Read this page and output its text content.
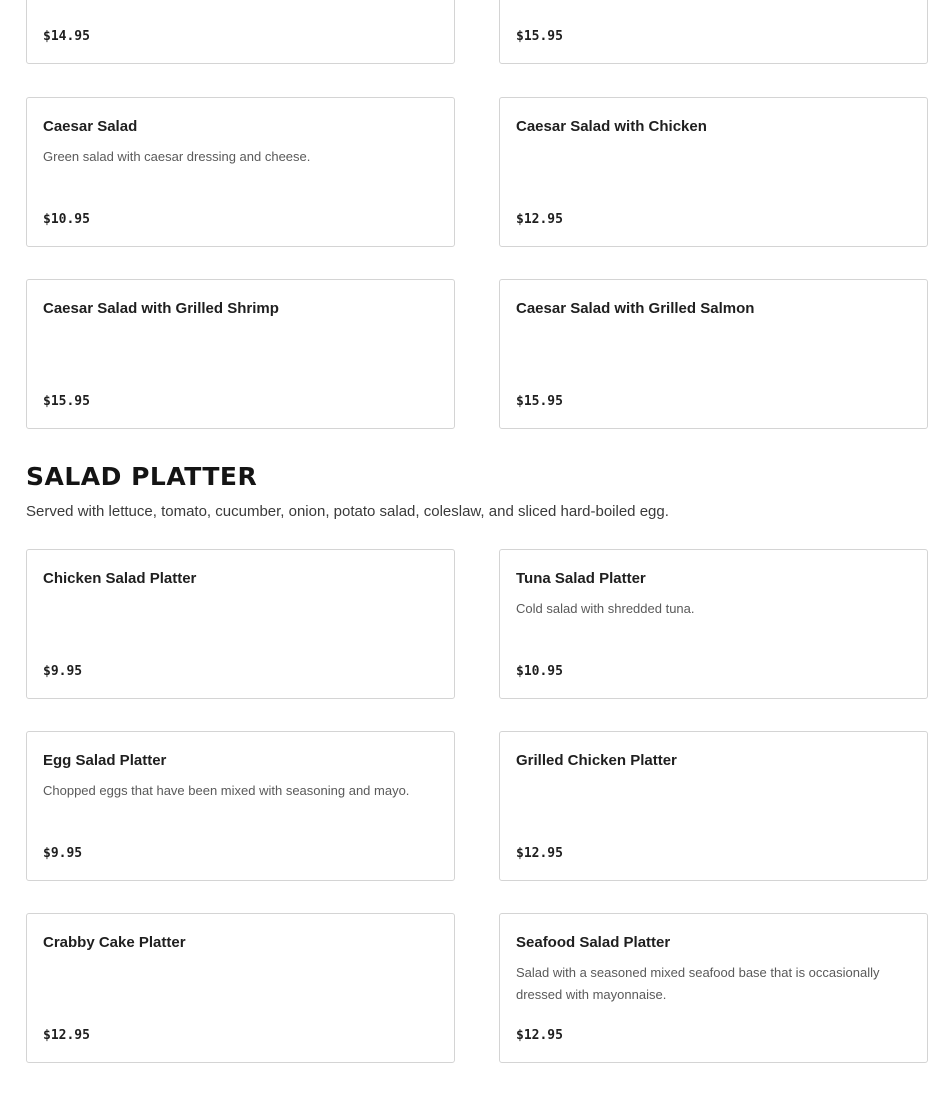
$14.95	$15.95
Caesar Salad
Green salad with caesar dressing and cheese.
$10.95
Caesar Salad with Chicken
$12.95
Caesar Salad with Grilled Shrimp
$15.95
Caesar Salad with Grilled Salmon
$15.95
SALAD PLATTER

Served with lettuce, tomato, cucumber, onion, potato salad, coleslaw, and sliced hard-boiled egg.

Chicken Salad Platter
$9.95
Tuna Salad Platter
Cold salad with shredded tuna.
$10.95
Egg Salad Platter
Chopped eggs that have been mixed with seasoning and mayo.
$9.95
Grilled Chicken Platter
$12.95
Crabby Cake Platter
$12.95
Seafood Salad Platter
Salad with a seasoned mixed seafood base that is occasionally dressed with mayonnaise.
$12.95
